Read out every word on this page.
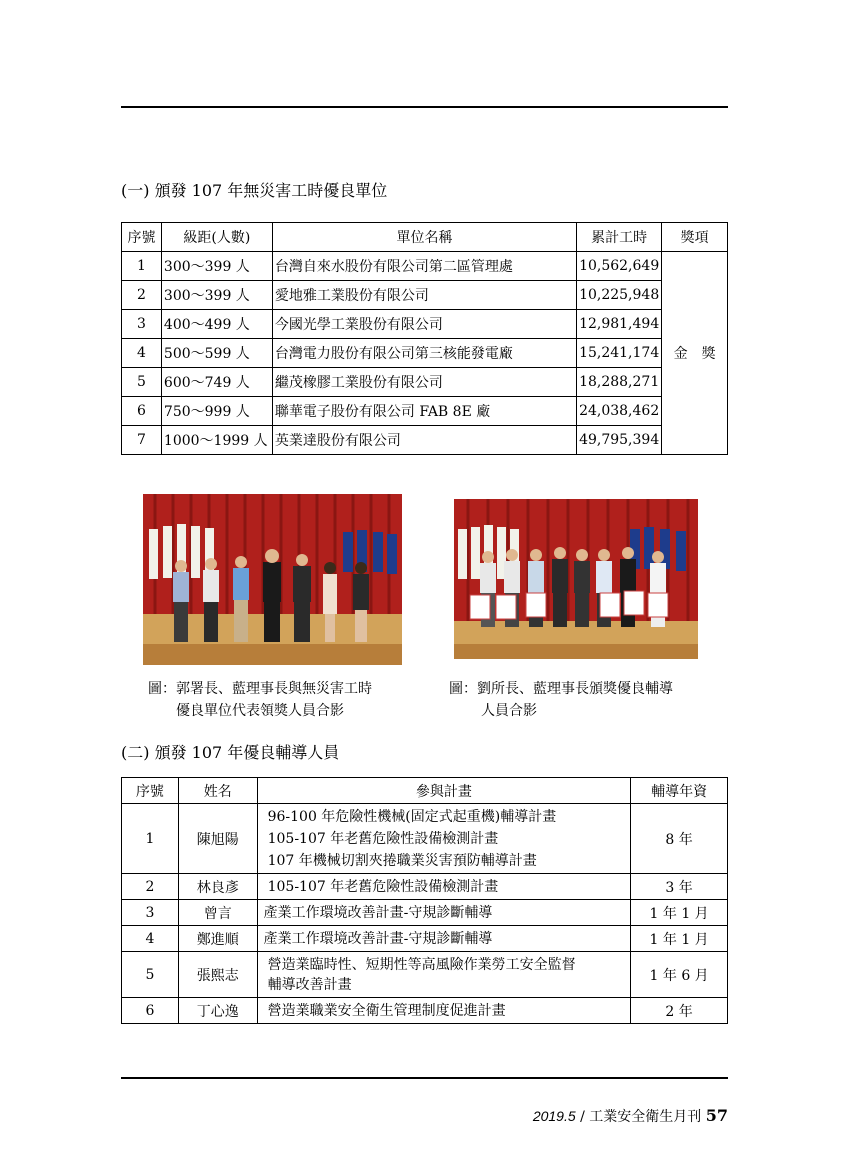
(一) 頒發 107 年無災害工時優良單位
序號	級距(人數)	單位名稱	累計工時	獎項
1	300～399 人	台灣自來水股份有限公司第二區管理處	10,562,649	金　獎
2	300～399 人	愛地雅工業股份有限公司	10,225,948	
3	400～499 人	今國光學工業股份有限公司	12,981,494	
4	500～599 人	台灣電力股份有限公司第三核能發電廠	15,241,174	
5	600～749 人	繼茂橡膠工業股份有限公司	18,288,271	
6	750～999 人	聯華電子股份有限公司 FAB 8E 廠	24,038,462	
7	1000～1999 人	英業達股份有限公司	49,795,394	
圖：郭署長、藍理事長與無災害工時
優良單位代表領獎人員合影
圖：劉所長、藍理事長頒獎優良輔導
人員合影
(二) 頒發 107 年優良輔導人員
序號	姓名	參與計畫	輔導年資
1	陳旭陽	96-100 年危險性機械(固定式起重機)輔導計畫
105-107 年老舊危險性設備檢測計畫
107 年機械切割夾捲職業災害預防輔導計畫	8 年
2	林良彥	105-107 年老舊危險性設備檢測計畫	3 年
3	曾言	產業工作環境改善計畫-守規診斷輔導	1 年 1 月
4	鄭進順	產業工作環境改善計畫-守規診斷輔導	1 年 1 月
5	張熙志	營造業臨時性、短期性等高風險作業勞工安全監督
輔導改善計畫	1 年 6 月
6	丁心逸	營造業職業安全衛生管理制度促進計畫	2 年
2019.5 / 工業安全衛生月刊 57
